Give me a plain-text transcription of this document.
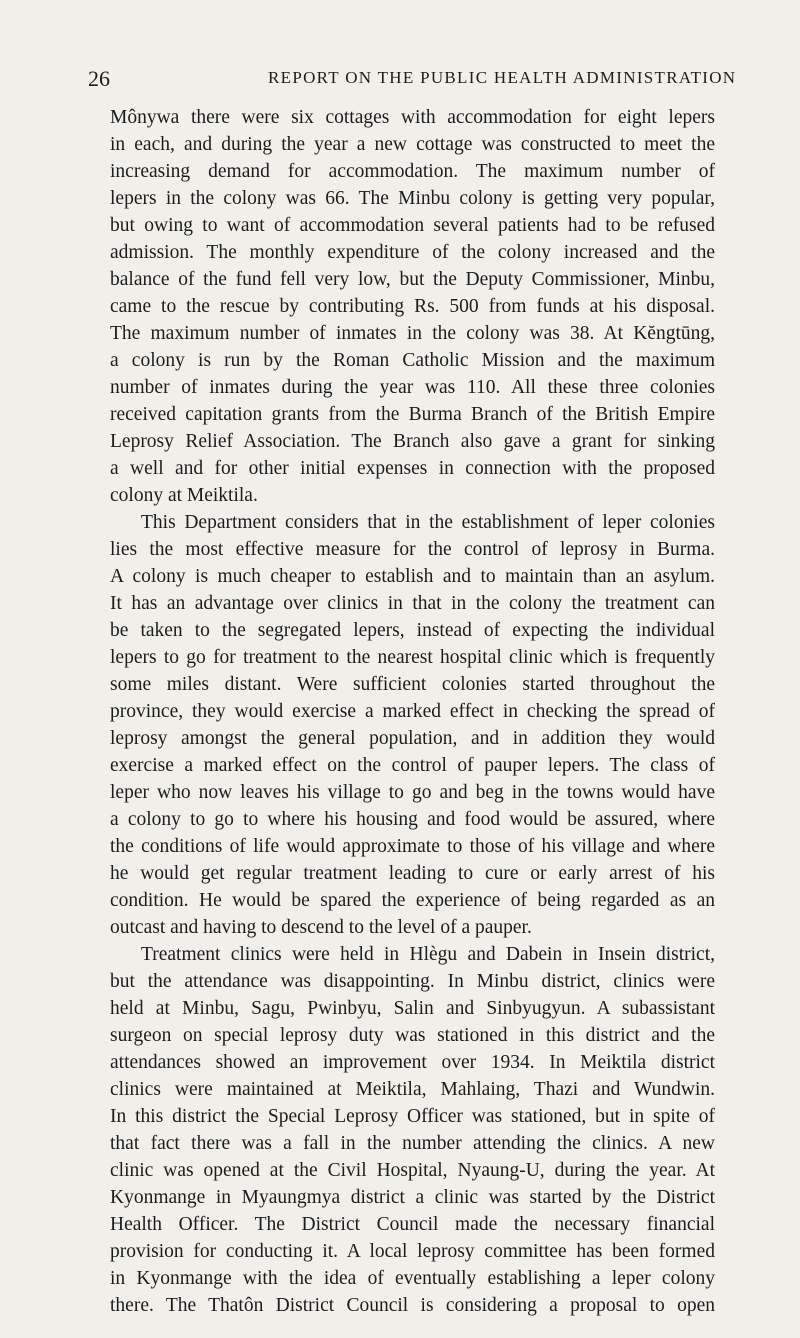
26	REPORT ON THE PUBLIC HEALTH ADMINISTRATION
Mônywa there were six cottages with accommodation for eight lepers
in each, and during the year a new cottage was constructed to meet the
increasing demand for accommodation. The maximum number of
lepers in the colony was 66. The Minbu colony is getting very popular,
but owing to want of accommodation several patients had to be refused
admission. The monthly expenditure of the colony increased and the
balance of the fund fell very low, but the Deputy Commissioner, Minbu,
came to the rescue by contributing Rs. 500 from funds at his disposal.
The maximum number of inmates in the colony was 38. At Kĕngtūng,
a colony is run by the Roman Catholic Mission and the maximum
number of inmates during the year was 110. All these three colonies
received capitation grants from the Burma Branch of the British Empire
Leprosy Relief Association. The Branch also gave a grant for sinking
a well and for other initial expenses in connection with the proposed
colony at Meiktila.
This Department considers that in the establishment of leper colonies
lies the most effective measure for the control of leprosy in Burma.
A colony is much cheaper to establish and to maintain than an asylum.
It has an advantage over clinics in that in the colony the treatment can
be taken to the segregated lepers, instead of expecting the individual
lepers to go for treatment to the nearest hospital clinic which is frequently
some miles distant. Were sufficient colonies started throughout the
province, they would exercise a marked effect in checking the spread of
leprosy amongst the general population, and in addition they would
exercise a marked effect on the control of pauper lepers. The class of
leper who now leaves his village to go and beg in the towns would have
a colony to go to where his housing and food would be assured, where
the conditions of life would approximate to those of his village and where
he would get regular treatment leading to cure or early arrest of his
condition. He would be spared the experience of being regarded as an
outcast and having to descend to the level of a pauper.
Treatment clinics were held in Hlègu and Dabein in Insein district,
but the attendance was disappointing. In Minbu district, clinics were
held at Minbu, Sagu, Pwinbyu, Salin and Sinbyugyun. A subassistant
surgeon on special leprosy duty was stationed in this district and the
attendances showed an improvement over 1934. In Meiktila district
clinics were maintained at Meiktila, Mahlaing, Thazi and Wundwin.
In this district the Special Leprosy Officer was stationed, but in spite of
that fact there was a fall in the number attending the clinics. A new
clinic was opened at the Civil Hospital, Nyaung-U, during the year. At
Kyonmange in Myaungmya district a clinic was started by the District
Health Officer. The District Council made the necessary financial
provision for conducting it. A local leprosy committee has been formed
in Kyonmange with the idea of eventually establishing a leper colony
there. The Thatôn District Council is considering a proposal to open
